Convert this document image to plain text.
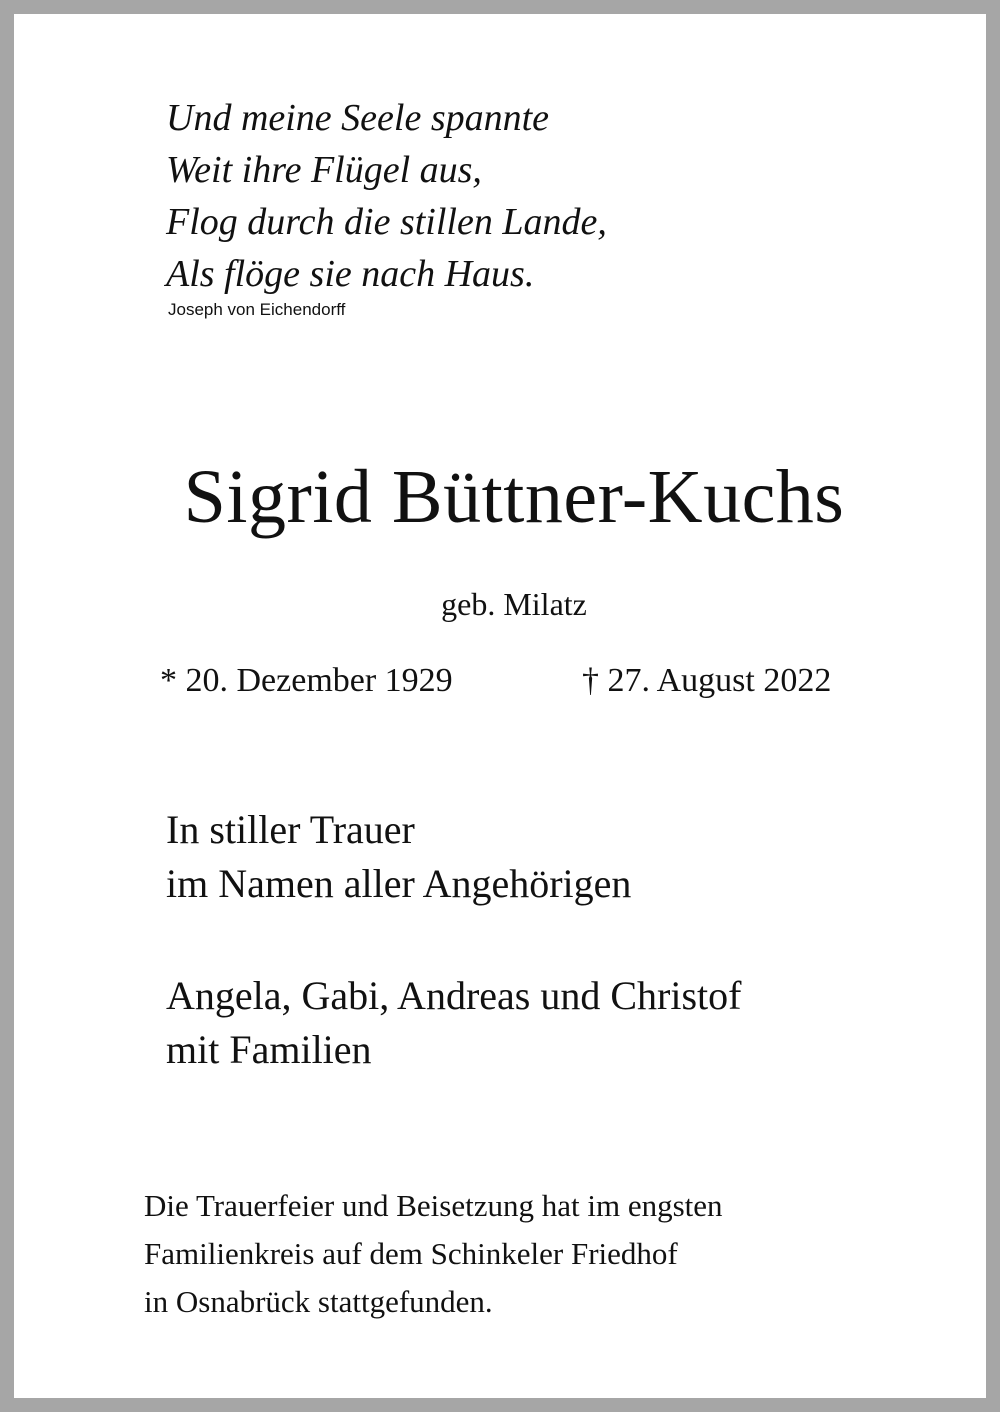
Und meine Seele spannte
Weit ihre Flügel aus,
Flog durch die stillen Lande,
Als flöge sie nach Haus.
Joseph von Eichendorff
Sigrid Büttner-Kuchs
geb. Milatz
* 20. Dezember 1929	† 27. August 2022
In stiller Trauer
im Namen aller Angehörigen
Angela, Gabi, Andreas und Christof
mit Familien
Die Trauerfeier und Beisetzung hat im engsten
Familienkreis auf dem Schinkeler Friedhof
in Osnabrück stattgefunden.
